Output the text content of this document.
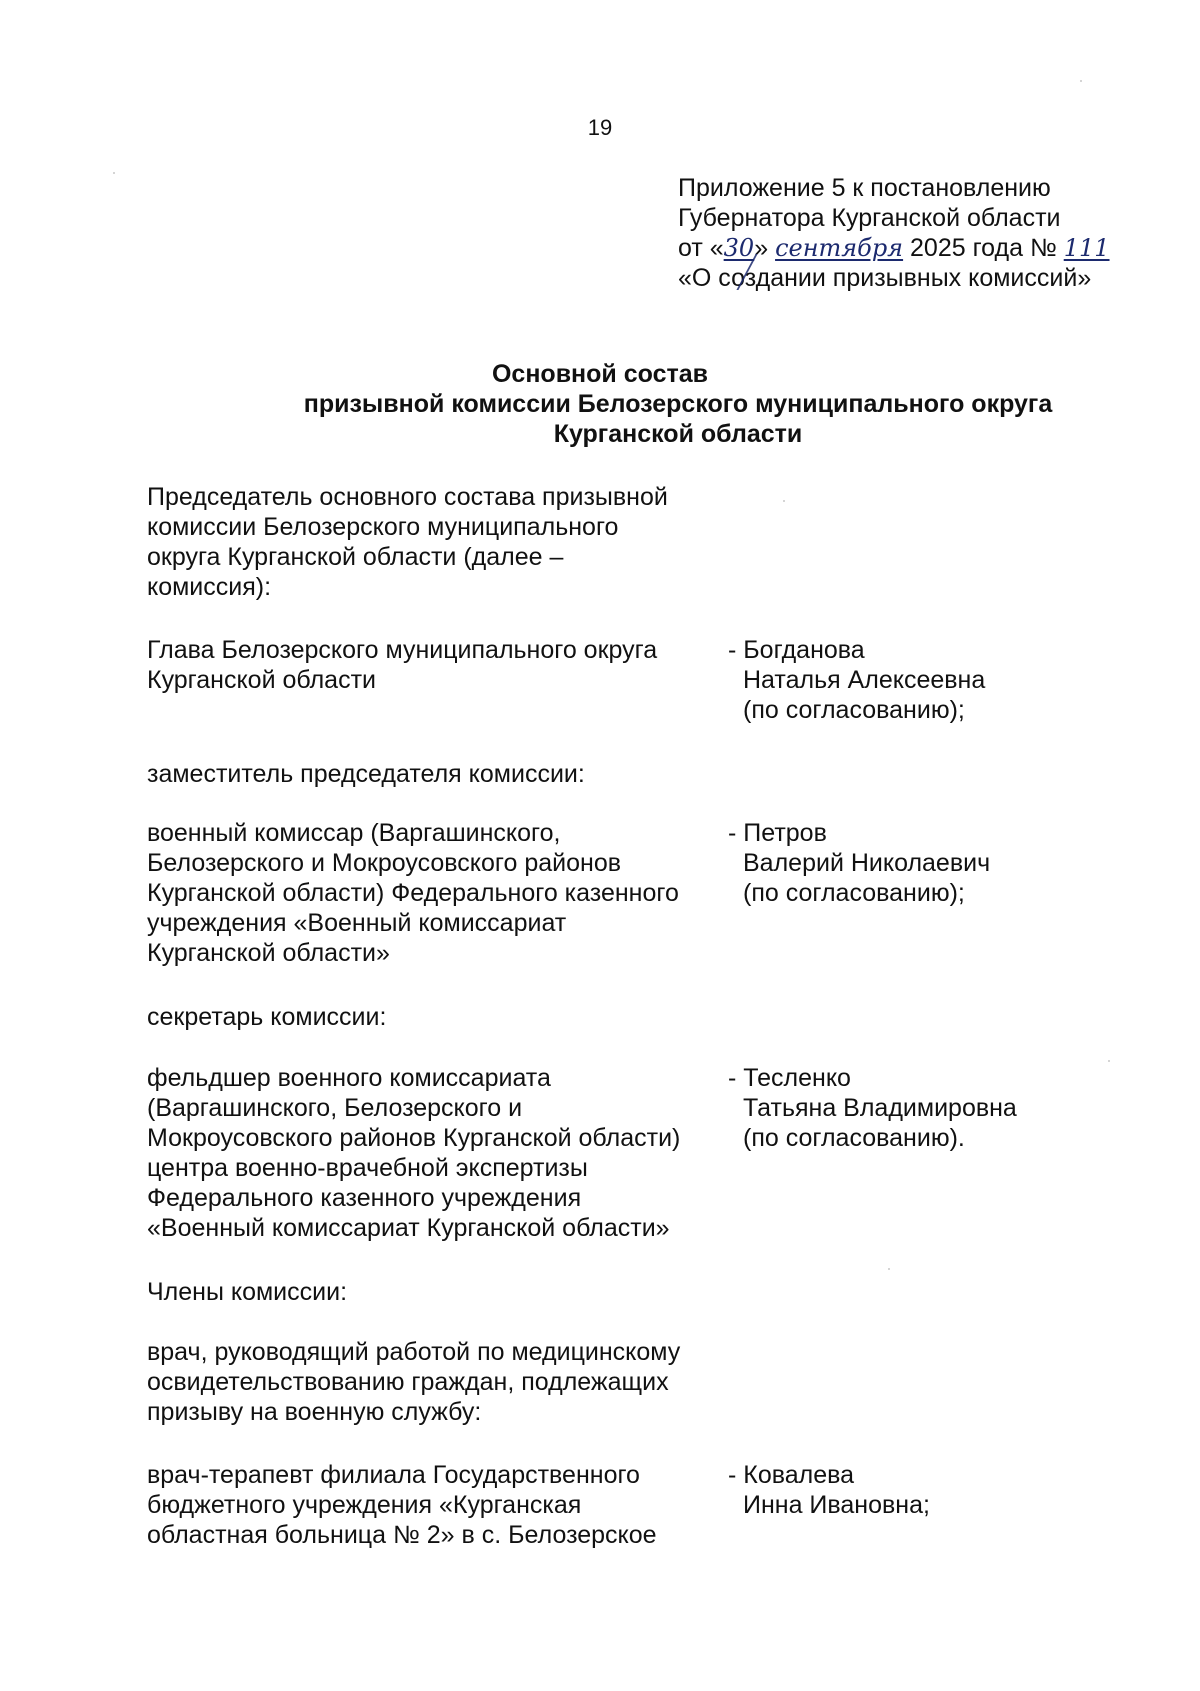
19
Приложение 5 к постановлению
Губернатора Курганской области
от «30» сентября 2025 года № 111
«О создании призывных комиссий»
Основной состав
призывной комиссии Белозерского муниципального округа
Курганской области
Председатель основного состава призывной
комиссии Белозерского муниципального
округа Курганской области (далее –
комиссия):
Глава Белозерского муниципального округа
Курганской области
- Богданова
Наталья Алексеевна
(по согласованию);
заместитель председателя комиссии:
военный комиссар (Варгашинского,
Белозерского и Мокроусовского районов
Курганской области) Федерального казенного
учреждения «Военный комиссариат
Курганской области»
- Петров
Валерий Николаевич
(по согласованию);
секретарь комиссии:
фельдшер военного комиссариата
(Варгашинского, Белозерского и
Мокроусовского районов Курганской области)
центра военно-врачебной экспертизы
Федерального казенного учреждения
«Военный комиссариат Курганской области»
- Тесленко
Татьяна Владимировна
(по согласованию).
Члены комиссии:
врач, руководящий работой по медицинскому
освидетельствованию граждан, подлежащих
призыву на военную службу:
врач-терапевт филиала Государственного
бюджетного учреждения «Курганская
областная больница № 2» в с. Белозерское
- Ковалева
Инна Ивановна;
